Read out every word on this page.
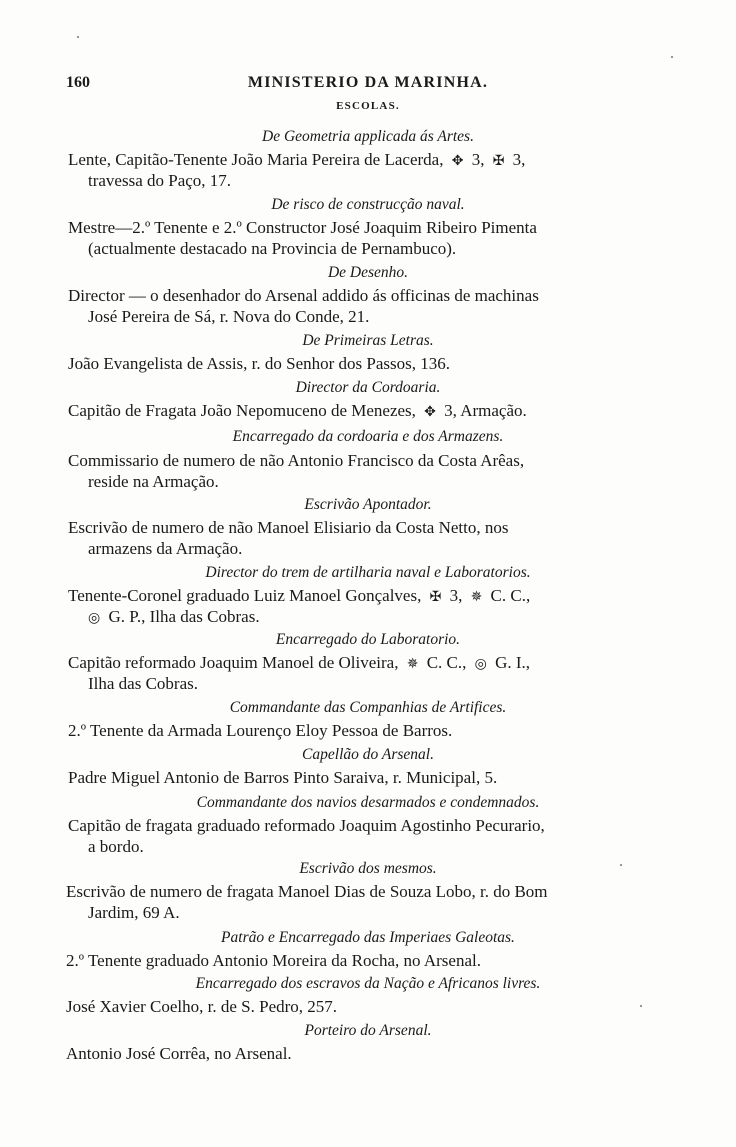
160	MINISTERIO DA MARINHA.
ESCOLAS.
De Geometria applicada ás Artes.
Lente, Capitão-Tenente João Maria Pereira de Lacerda, ✥ 3, ✠ 3,
travessa do Paço, 17.
De risco de construcção naval.
Mestre—2.º Tenente e 2.º Constructor José Joaquim Ribeiro Pimenta
(actualmente destacado na Provincia de Pernambuco).
De Desenho.
Director — o desenhador do Arsenal addido ás officinas de machinas
José Pereira de Sá, r. Nova do Conde, 21.
De Primeiras Letras.
João Evangelista de Assis, r. do Senhor dos Passos, 136.
Director da Cordoaria.
Capitão de Fragata João Nepomuceno de Menezes, ✥ 3, Armação.
Encarregado da cordoaria e dos Armazens.
Commissario de numero de não Antonio Francisco da Costa Arêas,
reside na Armação.
Escrivão Apontador.
Escrivão de numero de não Manoel Elisiario da Costa Netto, nos
armazens da Armação.
Director do trem de artilharia naval e Laboratorios.
Tenente-Coronel graduado Luiz Manoel Gonçalves, ✠ 3, ✵ C. C.,
◎ G. P., Ilha das Cobras.
Encarregado do Laboratorio.
Capitão reformado Joaquim Manoel de Oliveira, ✵ C. C., ◎ G. I.,
Ilha das Cobras.
Commandante das Companhias de Artifices.
2.º Tenente da Armada Lourenço Eloy Pessoa de Barros.
Capellão do Arsenal.
Padre Miguel Antonio de Barros Pinto Saraiva, r. Municipal, 5.
Commandante dos navios desarmados e condemnados.
Capitão de fragata graduado reformado Joaquim Agostinho Pecurario,
a bordo.
Escrivão dos mesmos.
Escrivão de numero de fragata Manoel Dias de Souza Lobo, r. do Bom
Jardim, 69 A.
Patrão e Encarregado das Imperiaes Galeotas.
2.º Tenente graduado Antonio Moreira da Rocha, no Arsenal.
Encarregado dos escravos da Nação e Africanos livres.
José Xavier Coelho, r. de S. Pedro, 257.
Porteiro do Arsenal.
Antonio José Corrêa, no Arsenal.
